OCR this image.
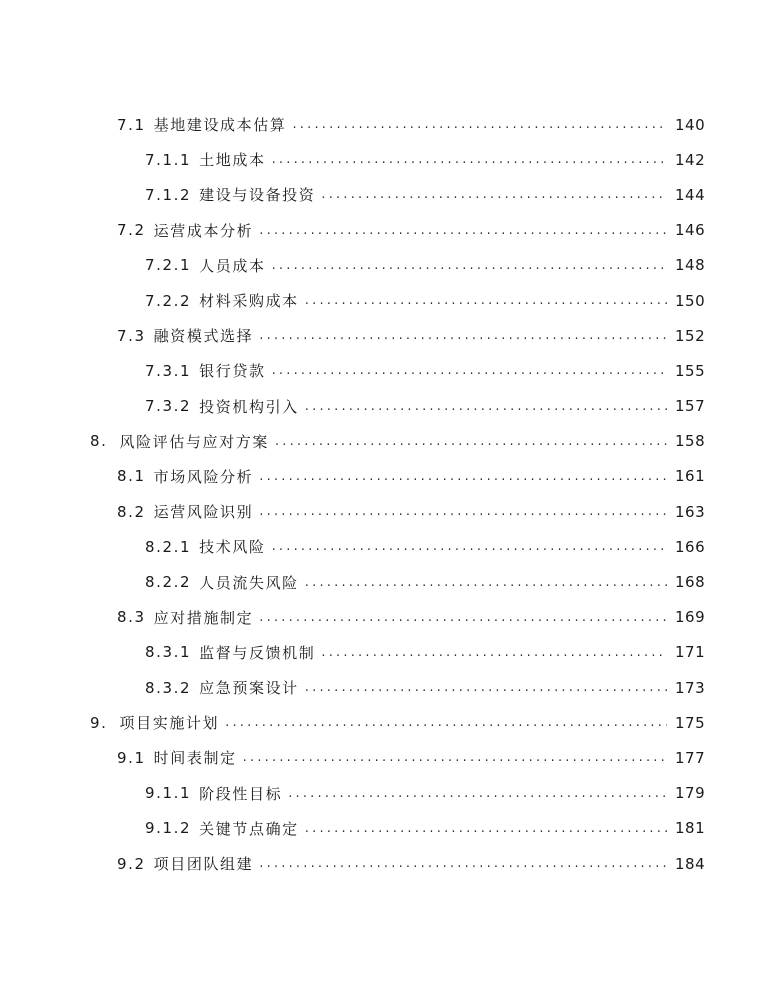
7.1 基地建设成本估算 .....	140
7.1.1 土地成本 .....	142
7.1.2 建设与设备投资 .....	144
7.2 运营成本分析 .....	146
7.2.1 人员成本 .....	148
7.2.2 材料采购成本 .....	150
7.3 融资模式选择 .....	152
7.3.1 银行贷款 .....	155
7.3.2 投资机构引入 .....	157
8. 风险评估与应对方案 .....	158
8.1 市场风险分析 .....	161
8.2 运营风险识别 .....	163
8.2.1 技术风险 .....	166
8.2.2 人员流失风险 .....	168
8.3 应对措施制定 .....	169
8.3.1 监督与反馈机制 .....	171
8.3.2 应急预案设计 .....	173
9. 项目实施计划 .....	175
9.1 时间表制定 .....	177
9.1.1 阶段性目标 .....	179
9.1.2 关键节点确定 .....	181
9.2 项目团队组建 .....	184
